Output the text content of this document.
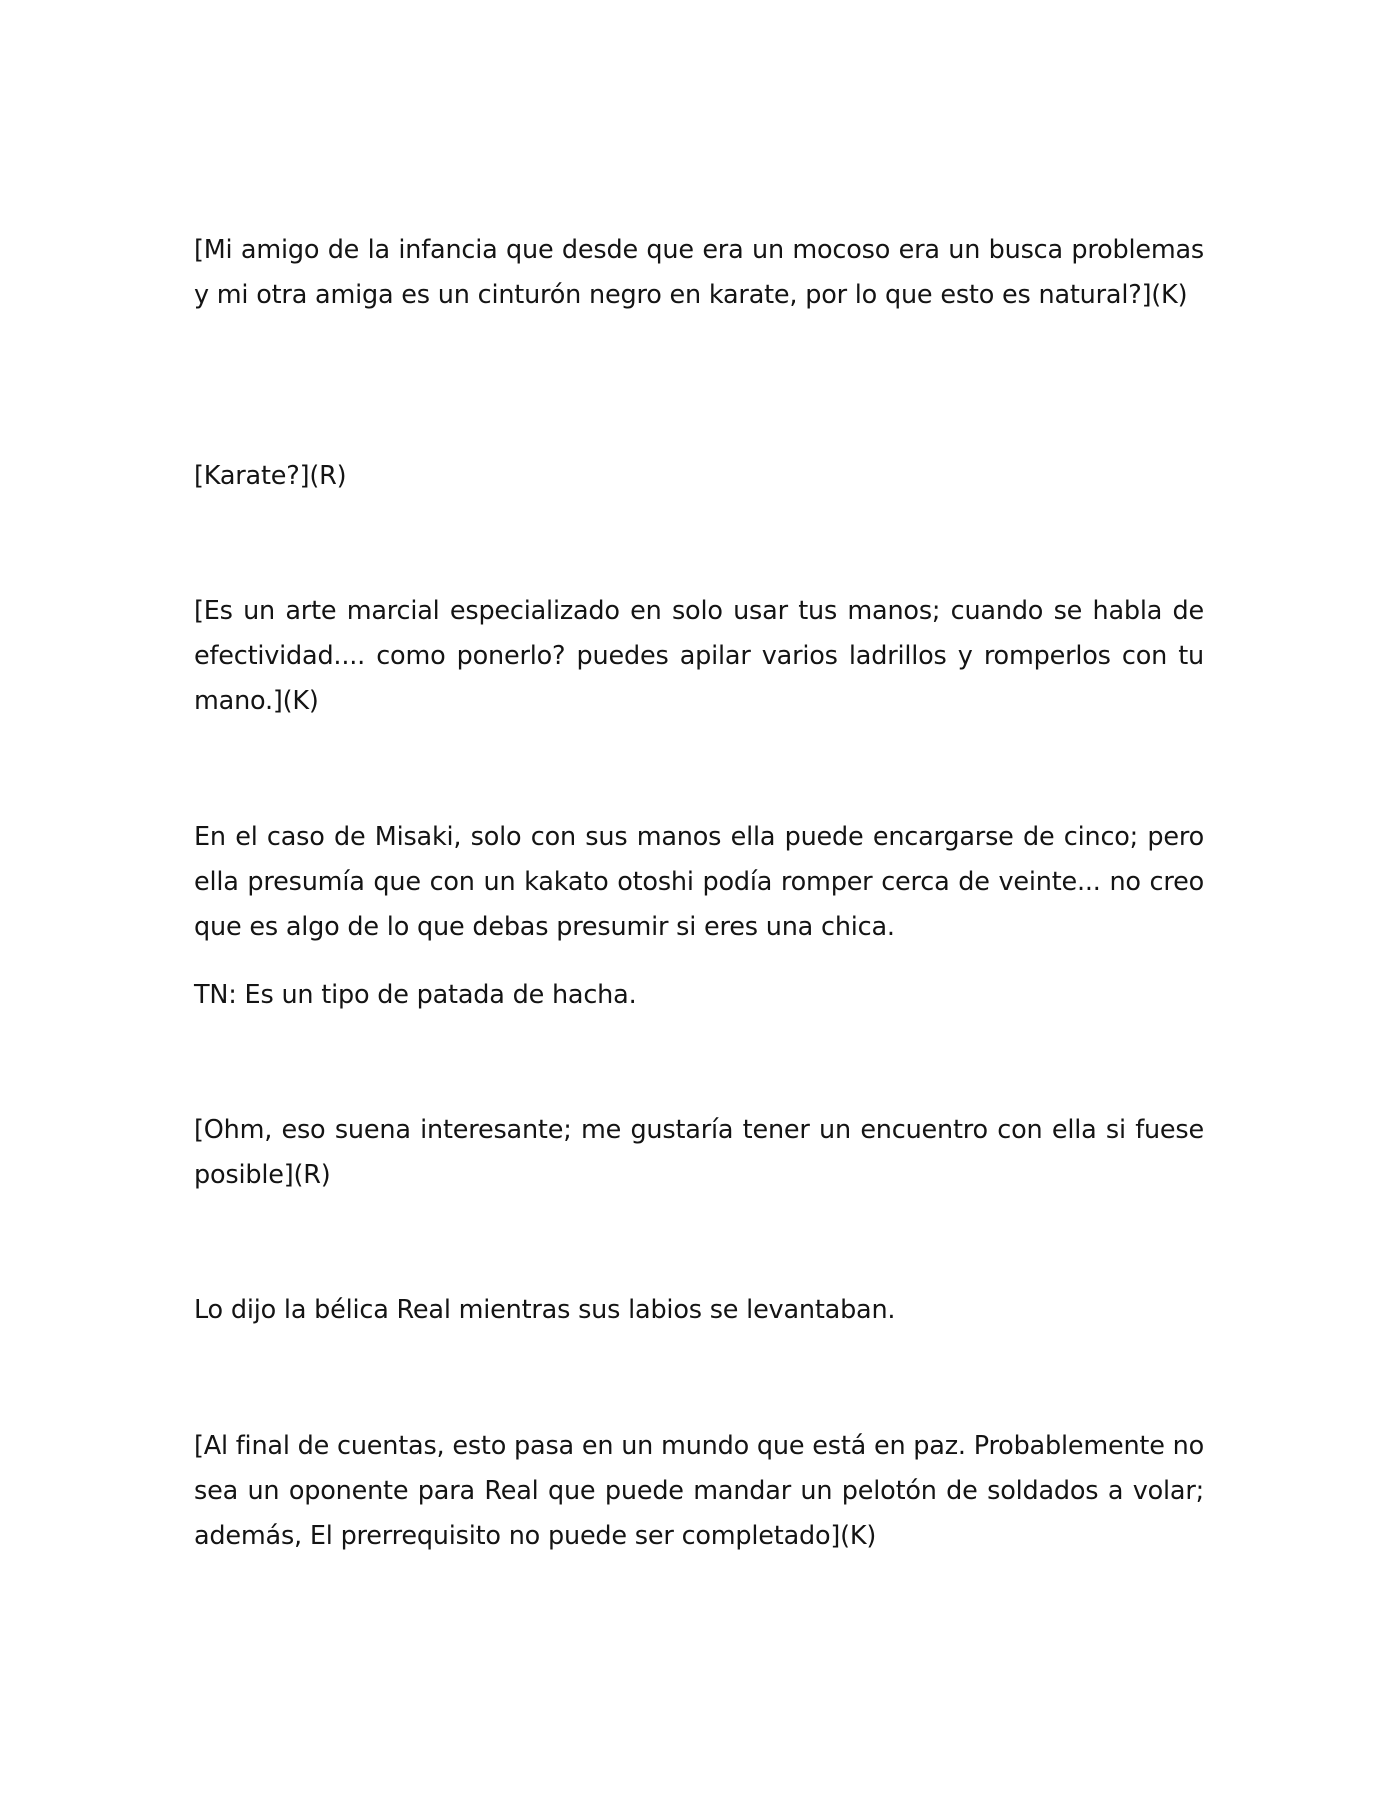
[Mi amigo de la infancia que desde que era un mocoso era un busca problemas y mi otra amiga es un cinturón negro en karate, por lo que esto es natural?](K)

[Karate?](R)

[Es un arte marcial especializado en solo usar tus manos; cuando se habla de efectividad.... como ponerlo? puedes apilar varios ladrillos y romperlos con tu mano.](K)

En el caso de Misaki, solo con sus manos ella puede encargarse de cinco; pero ella presumía que con un kakato otoshi podía romper cerca de veinte... no creo que es algo de lo que debas presumir si eres una chica.

TN: Es un tipo de patada de hacha.

[Ohm, eso suena interesante; me gustaría tener un encuentro con ella si fuese posible](R)

Lo dijo la bélica Real mientras sus labios se levantaban.

[Al final de cuentas, esto pasa en un mundo que está en paz. Probablemente no sea un oponente para Real que puede mandar un pelotón de soldados a volar; además, El prerrequisito no puede ser completado](K)
